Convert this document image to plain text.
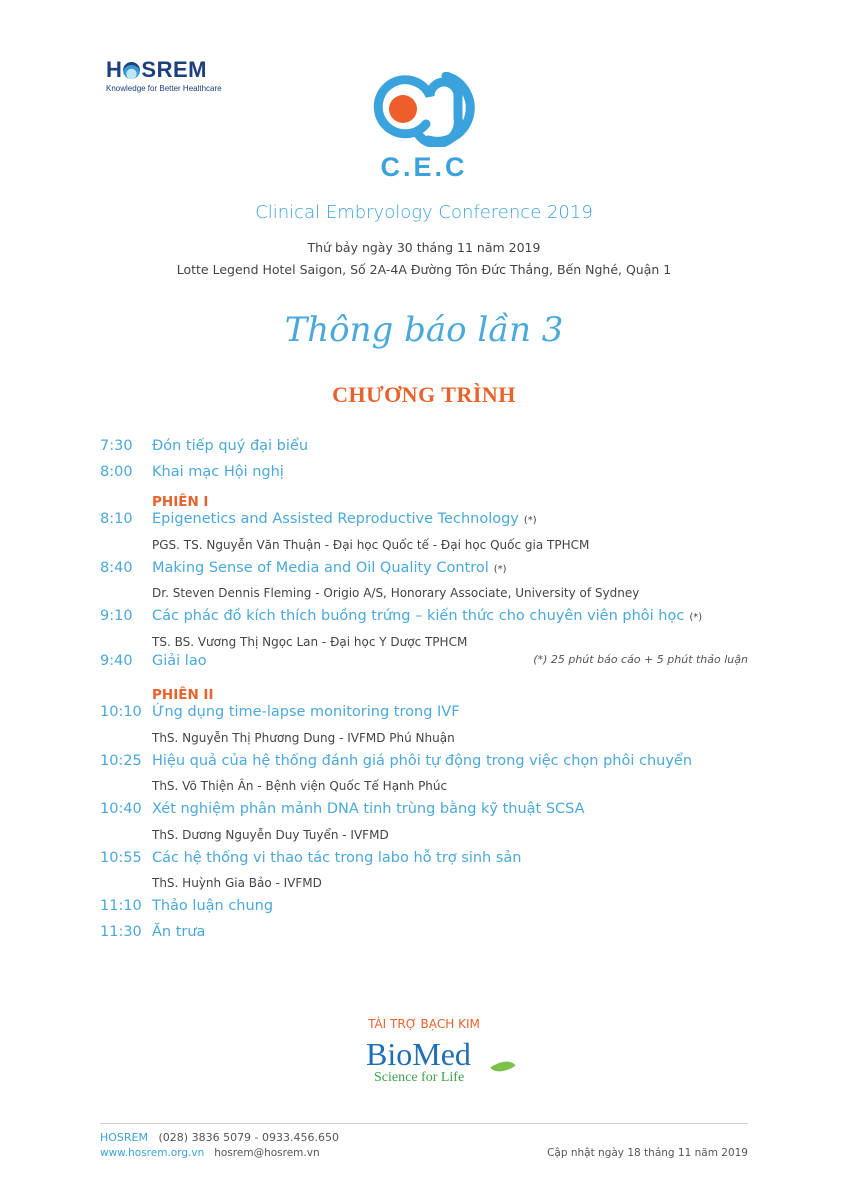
H SREM
Knowledge for Better Healthcare
C.E.C
Clinical Embryology Conference 2019
Thứ bảy ngày 30 tháng 11 năm 2019
Lotte Legend Hotel Saigon, Số 2A-4A Đường Tôn Đức Thắng, Bến Nghé, Quận 1
Thông báo lần 3
CHƯƠNG TRÌNH
7:30	Đón tiếp quý đại biểu
8:00	Khai mạc Hội nghị
PHIÊN I
8:10	Epigenetics and Assisted Reproductive Technology (*)
PGS. TS. Nguyễn Văn Thuận - Đại học Quốc tế - Đại học Quốc gia TPHCM
8:40	Making Sense of Media and Oil Quality Control (*)
Dr. Steven Dennis Fleming - Origio A/S, Honorary Associate, University of Sydney
9:10	Các phác đồ kích thích buồng trứng – kiến thức cho chuyên viên phôi học (*)
TS. BS. Vương Thị Ngọc Lan - Đại học Y Dược TPHCM
9:40	Giải lao	(*) 25 phút báo cáo + 5 phút thảo luận
PHIÊN II
10:10 Ứng dụng time-lapse monitoring trong IVF
ThS. Nguyễn Thị Phương Dung - IVFMD Phú Nhuận
10:25 Hiệu quả của hệ thống đánh giá phôi tự động trong việc chọn phôi chuyển
ThS. Võ Thiện Ân - Bệnh viện Quốc Tế Hạnh Phúc
10:40 Xét nghiệm phân mảnh DNA tinh trùng bằng kỹ thuật SCSA
ThS. Dương Nguyễn Duy Tuyển - IVFMD
10:55 Các hệ thống vi thao tác trong labo hỗ trợ sinh sản
ThS. Huỳnh Gia Bảo - IVFMD
11:10 Thảo luận chung
11:30 Ăn trưa
TÀI TRỢ BẠCH KIM
BioMed
Science for Life
HOSREM (028) 3836 5079 - 0933.456.650
www.hosrem.org.vn hosrem@hosrem.vn	Cập nhật ngày 18 tháng 11 năm 2019
